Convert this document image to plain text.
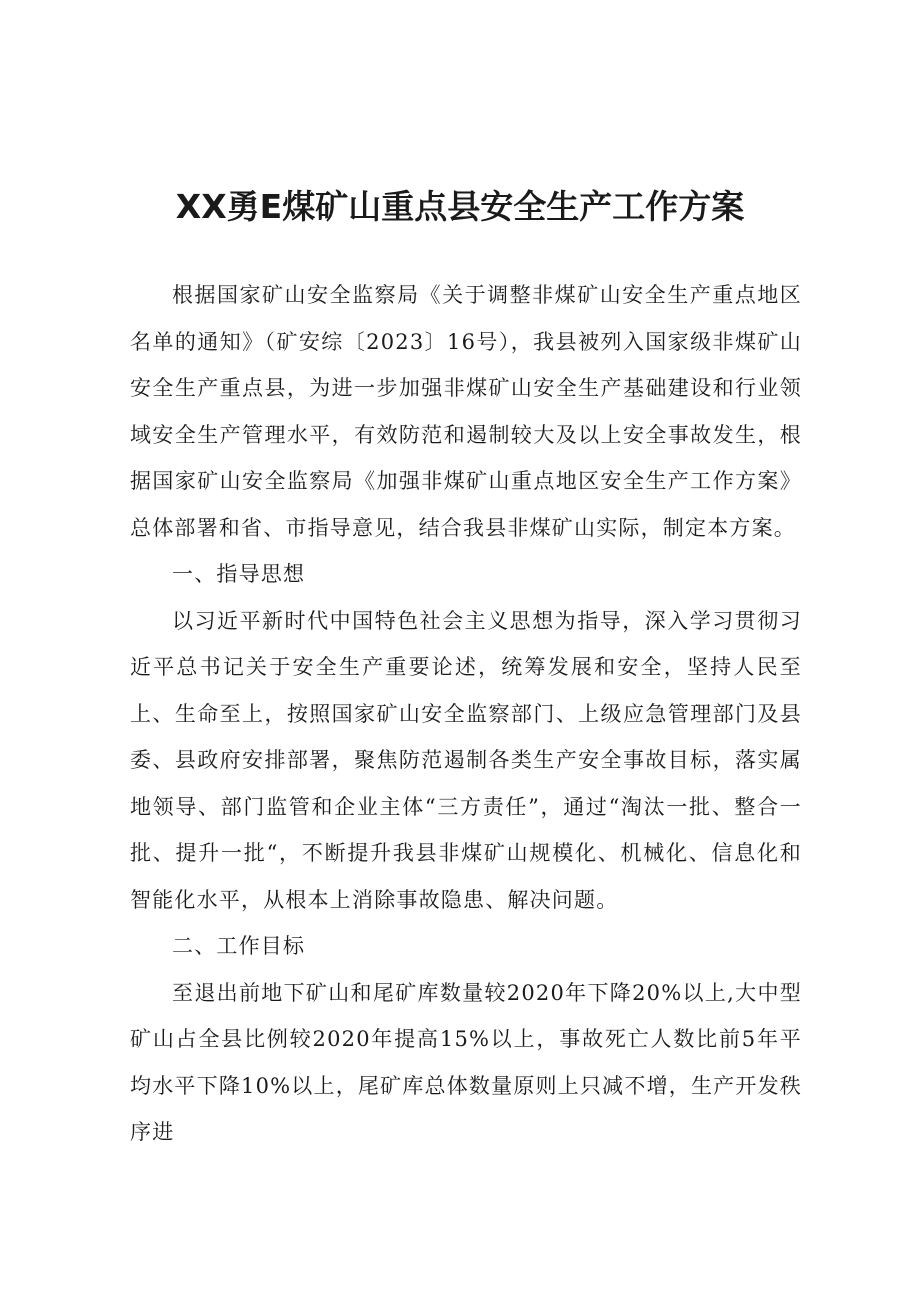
XX勇E煤矿山重点县安全生产工作方案

根据国家矿山安全监察局《关于调整非煤矿山安全生产重点地区名单的通知》（矿安综〔2023〕16号），我县被列入国家级非煤矿山安全生产重点县，为进一步加强非煤矿山安全生产基础建设和行业领域安全生产管理水平，有效防范和遏制较大及以上安全事故发生，根据国家矿山安全监察局《加强非煤矿山重点地区安全生产工作方案》总体部署和省、市指导意见，结合我县非煤矿山实际，制定本方案。

一、指导思想

以习近平新时代中国特色社会主义思想为指导，深入学习贯彻习近平总书记关于安全生产重要论述，统筹发展和安全，坚持人民至上、生命至上，按照国家矿山安全监察部门、上级应急管理部门及县委、县政府安排部署，聚焦防范遏制各类生产安全事故目标，落实属地领导、部门监管和企业主体“三方责任”，通过“淘汰一批、整合一批、提升一批“，不断提升我县非煤矿山规模化、机械化、信息化和智能化水平，从根本上消除事故隐患、解决问题。

二、工作目标

至退出前地下矿山和尾矿库数量较2020年下降20%以上,大中型矿山占全县比例较2020年提高15%以上，事故死亡人数比前5年平均水平下降10%以上，尾矿库总体数量原则上只减不增，生产开发秩序进
